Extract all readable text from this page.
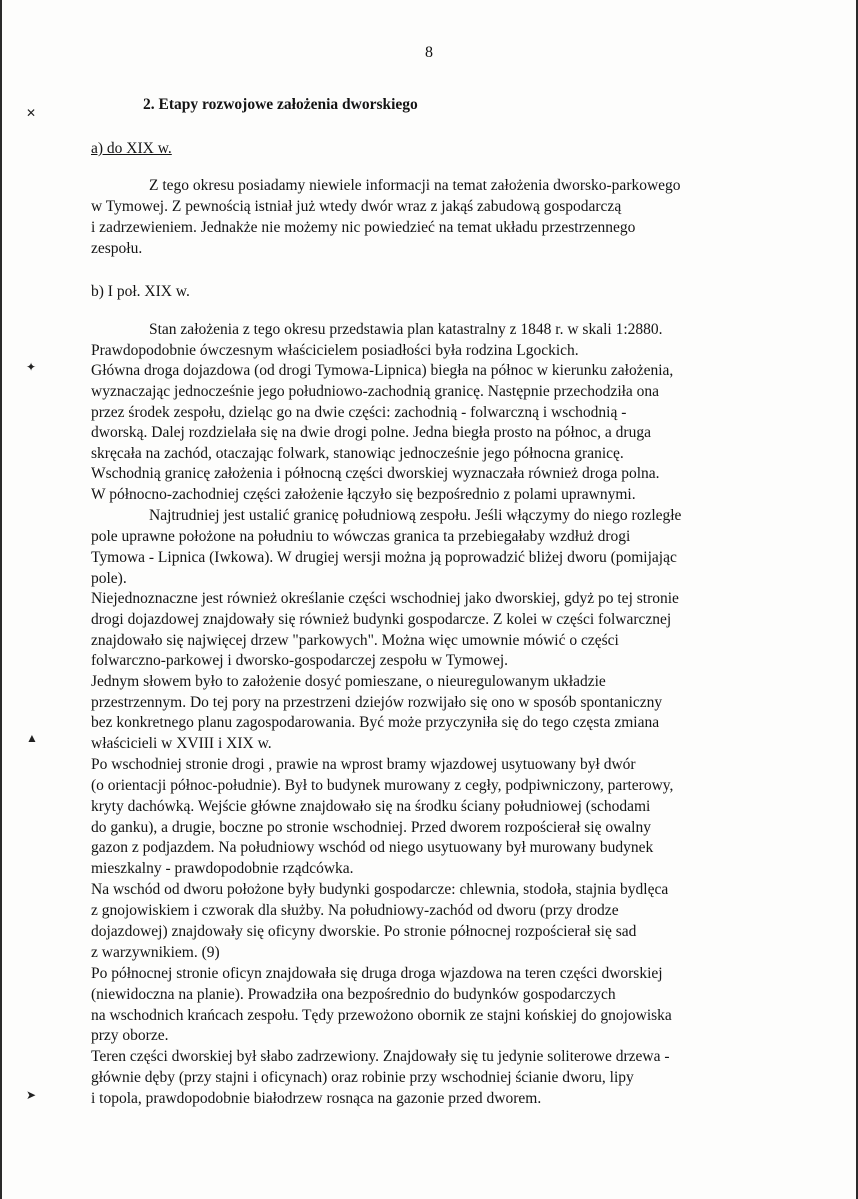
8
2. Etapy rozwojowe założenia dworskiego
a) do XIX w.
Z tego okresu posiadamy niewiele informacji na temat założenia dworsko-parkowego
w Tymowej. Z pewnością istniał już wtedy dwór wraz z jakąś zabudową gospodarczą
i zadrzewieniem. Jednakże nie możemy nic powiedzieć na temat układu przestrzennego
zespołu.
b) I poł. XIX w.
Stan założenia z tego okresu przedstawia plan katastralny z 1848 r. w skali 1:2880.
Prawdopodobnie ówczesnym właścicielem posiadłości była rodzina Lgockich.
Główna droga dojazdowa (od drogi Tymowa-Lipnica) biegła na północ w kierunku założenia,
wyznaczając jednocześnie jego południowo-zachodnią granicę. Następnie przechodziła ona
przez środek zespołu, dzieląc go na dwie części: zachodnią - folwarczną i wschodnią -
dworską. Dalej rozdzielała się na dwie drogi polne. Jedna biegła prosto na północ, a druga
skręcała na zachód, otaczając folwark, stanowiąc jednocześnie jego północna granicę.
Wschodnią granicę założenia i północną części dworskiej wyznaczała również droga polna.
W północno-zachodniej części założenie łączyło się bezpośrednio z polami uprawnymi.
Najtrudniej jest ustalić granicę południową zespołu. Jeśli włączymy do niego rozległe
pole uprawne położone na południu to wówczas granica ta przebiegałaby wzdłuż drogi
Tymowa - Lipnica (Iwkowa). W drugiej wersji można ją poprowadzić bliżej dworu (pomijając
pole).
Niejednoznaczne jest również określanie części wschodniej jako dworskiej, gdyż po tej stronie
drogi dojazdowej znajdowały się również budynki gospodarcze. Z kolei w części folwarcznej
znajdowało się najwięcej drzew "parkowych". Można więc umownie mówić o części
folwarczno-parkowej i dworsko-gospodarczej zespołu w Tymowej.
Jednym słowem było to założenie dosyć pomieszane, o nieuregulowanym układzie
przestrzennym. Do tej pory na przestrzeni dziejów rozwijało się ono w sposób spontaniczny
bez konkretnego planu zagospodarowania. Być może przyczyniła się do tego częsta zmiana
właścicieli w XVIII i XIX w.
Po wschodniej stronie drogi , prawie na wprost bramy wjazdowej usytuowany był dwór
(o orientacji północ-południe). Był to budynek murowany z cegły, podpiwniczony, parterowy,
kryty dachówką. Wejście główne znajdowało się na środku ściany południowej (schodami
do ganku), a drugie, boczne po stronie wschodniej. Przed dworem rozpościerał się owalny
gazon z podjazdem. Na południowy wschód od niego usytuowany był murowany budynek
mieszkalny - prawdopodobnie rządcówka.
Na wschód od dworu położone były budynki gospodarcze: chlewnia, stodoła, stajnia bydlęca
z gnojowiskiem i czworak dla służby. Na południowy-zachód od dworu (przy drodze
dojazdowej) znajdowały się oficyny dworskie. Po stronie północnej rozpościerał się sad
z warzywnikiem. (9)
Po północnej stronie oficyn znajdowała się druga droga wjazdowa na teren części dworskiej
(niewidoczna na planie). Prowadziła ona bezpośrednio do budynków gospodarczych
na wschodnich krańcach zespołu. Tędy przewożono obornik ze stajni końskiej do gnojowiska
przy oborze.
Teren części dworskiej był słabo zadrzewiony. Znajdowały się tu jedynie soliterowe drzewa -
głównie dęby (przy stajni i oficynach) oraz robinie przy wschodniej ścianie dworu, lipy
i topola, prawdopodobnie białodrzew rosnąca na gazonie przed dworem.
✕
✦
▲
➤
